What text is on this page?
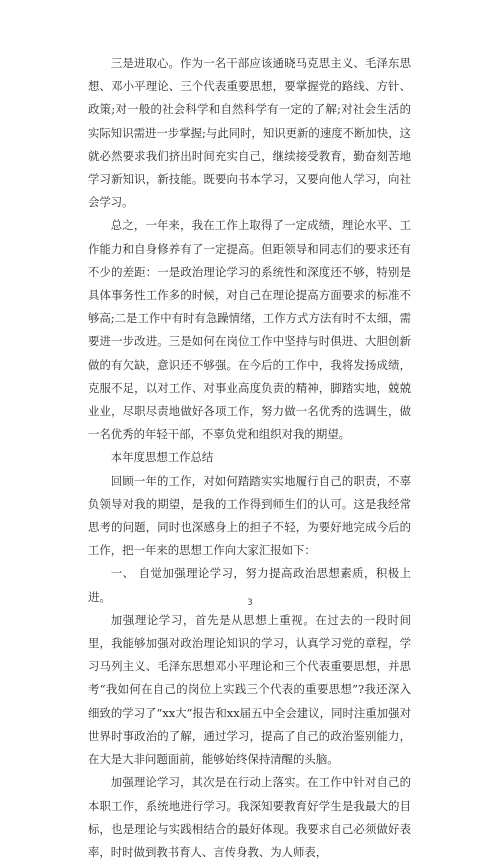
三是进取心。作为一名干部应该通晓马克思主义、毛泽东思想、邓小平理论、三个代表重要思想，要掌握党的路线、方针、政策;对一般的社会科学和自然科学有一定的了解;对社会生活的实际知识需进一步掌握;与此同时，知识更新的速度不断加快，这就必然要求我们挤出时间充实自己，继续接受教育，勤奋刻苦地学习新知识，新技能。既要向书本学习，又要向他人学习，向社会学习。

总之，一年来，我在工作上取得了一定成绩，理论水平、工作能力和自身修养有了一定提高。但距领导和同志们的要求还有不少的差距：一是政治理论学习的系统性和深度还不够，特别是具体事务性工作多的时候，对自己在理论提高方面要求的标准不够高;二是工作中有时有急躁情绪，工作方式方法有时不太细，需要进一步改进。三是如何在岗位工作中坚持与时俱进、大胆创新做的有欠缺，意识还不够强。在今后的工作中，我将发扬成绩，克服不足，以对工作、对事业高度负责的精神，脚踏实地，兢兢业业，尽职尽责地做好各项工作，努力做一名优秀的选调生，做一名优秀的年轻干部，不辜负党和组织对我的期望。

本年度思想工作总结

回顾一年的工作，对如何踏踏实实地履行自己的职责，不辜负领导对我的期望，是我的工作得到师生们的认可。这是我经常思考的问题，同时也深感身上的担子不轻，为要好地完成今后的工作，把一年来的思想工作向大家汇报如下：

一、 自觉加强理论学习，努力提高政治思想素质，积极上进。

加强理论学习，首先是从思想上重视。在过去的一段时间里，我能够加强对政治理论知识的学习，认真学习党的章程，学习马列主义、毛泽东思想邓小平理论和三个代表重要思想，并思考“我如何在自己的岗位上实践三个代表的重要思想”?我还深入细致的学习了“xx大”报告和xx届五中全会建议，同时注重加强对世界时事政治的了解，通过学习，提高了自己的政治鉴别能力，在大是大非问题面前，能够始终保持清醒的头脑。

加强理论学习，其次是在行动上落实。在工作中针对自己的本职工作，系统地进行学习。我深知要教育好学生是我最大的目标，也是理论与实践相结合的最好体现。我要求自己必须做好表率，时时做到教书育人、言传身教、为人师表，

3
